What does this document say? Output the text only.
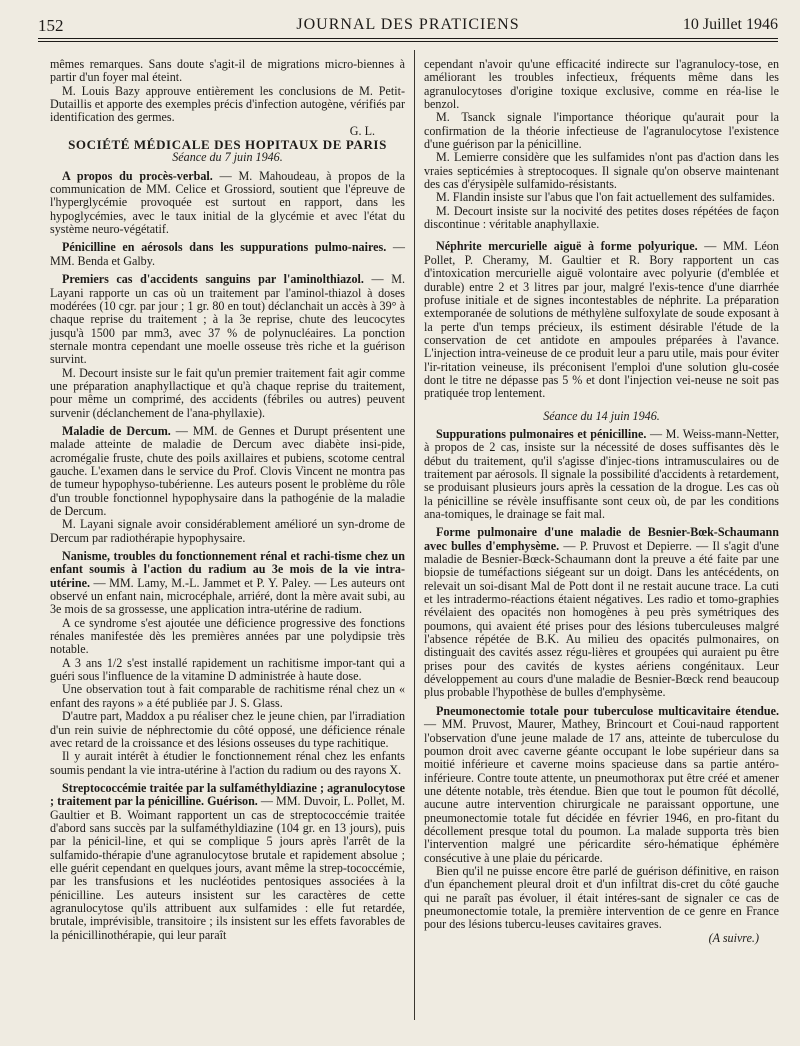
152	JOURNAL DES PRATICIENS	10 Juillet 1946

mêmes remarques. Sans doute s'agit-il de migrations micro-biennes à partir d'un foyer mal éteint.

M. Louis Bazy approuve entièrement les conclusions de M. Petit-Dutaillis et apporte des exemples précis d'infection autogène, vérifiés par identification des germes.

G. L.

SOCIÉTÉ MÉDICALE DES HOPITAUX DE PARIS

Séance du 7 juin 1946.

A propos du procès-verbal. — M. Mahoudeau, à propos de la communication de MM. Celice et Grossiord, soutient que l'épreuve de l'hyperglycémie provoquée est surtout en rapport, dans les hypoglycémies, avec le taux initial de la glycémie et avec l'état du système neuro-végétatif.

Pénicilline en aérosols dans les suppurations pulmo-naires. — MM. Benda et Galby.

Premiers cas d'accidents sanguins par l'aminolthiazol. — M. Layani rapporte un cas où un traitement par l'aminol-thiazol à doses modérées (10 cgr. par jour ; 1 gr. 80 en tout) déclanchait un accès à 39° à chaque reprise du traitement ; à la 3e reprise, chute des leucocytes jusqu'à 1500 par mm3, avec 37 % de polynucléaires. La ponction sternale montra cependant une moelle osseuse très riche et la guérison survint.

M. Decourt insiste sur le fait qu'un premier traitement fait agir comme une préparation anaphyllactique et qu'à chaque reprise du traitement, pour même un comprimé, des accidents (fébriles ou autres) peuvent survenir (déclanchement de l'ana-phyllaxie).

Maladie de Dercum. — MM. de Gennes et Durupt présentent une malade atteinte de maladie de Dercum avec diabète insi-pide, acromégalie fruste, chute des poils axillaires et pubiens, scotome central gauche. L'examen dans le service du Prof. Clovis Vincent ne montra pas de tumeur hypophyso-tubérienne. Les auteurs posent le problème du rôle d'un trouble fonctionnel hypophysaire dans la pathogénie de la maladie de Dercum.

M. Layani signale avoir considérablement amélioré un syn-drome de Dercum par radiothérapie hypophysaire.

Nanisme, troubles du fonctionnement rénal et rachi-tisme chez un enfant soumis à l'action du radium au 3e mois de la vie intra-utérine. — MM. Lamy, M.-L. Jammet et P. Y. Paley. — Les auteurs ont observé un enfant nain, microcéphale, arriéré, dont la mère avait subi, au 3e mois de sa grossesse, une application intra-utérine de radium.

A ce syndrome s'est ajoutée une déficience progressive des fonctions rénales manifestée dès les premières années par une polydipsie très notable.

A 3 ans 1/2 s'est installé rapidement un rachitisme impor-tant qui a guéri sous l'influence de la vitamine D administrée à haute dose.

Une observation tout à fait comparable de rachitisme rénal chez un « enfant des rayons » a été publiée par J. S. Glass.

D'autre part, Maddox a pu réaliser chez le jeune chien, par l'irradiation d'un rein suivie de néphrectomie du côté opposé, une déficience rénale avec retard de la croissance et des lésions osseuses du type rachitique.

Il y aurait intérêt à étudier le fonctionnement rénal chez les enfants soumis pendant la vie intra-utérine à l'action du radium ou des rayons X.

Streptococcémie traitée par la sulfaméthyldiazine ; agranulocytose ; traitement par la pénicilline. Guérison. — MM. Duvoir, L. Pollet, M. Gaultier et B. Woimant rapportent un cas de streptococcémie traitée d'abord sans succès par la sulfaméthyldiazine (104 gr. en 13 jours), puis par la pénicil-line, et qui se complique 5 jours après l'arrêt de la sulfamido-thérapie d'une agranulocytose brutale et rapidement absolue ; elle guérit cependant en quelques jours, avant même la strep-tococcémie, par les transfusions et les nucléotides pentosiques associées à la pénicilline. Les auteurs insistent sur les caractères de cette agranulocytose qu'ils attribuent aux sulfamides : elle fut retardée, brutale, imprévisible, transitoire ; ils insistent sur les effets favorables de la pénicillinothérapie, qui leur paraît

cependant n'avoir qu'une efficacité indirecte sur l'agranulocy-tose, en améliorant les troubles infectieux, fréquents même dans les agranulocytoses d'origine toxique exclusive, comme en réa-lise le benzol.

M. Tsanck signale l'importance théorique qu'aurait pour la confirmation de la théorie infectieuse de l'agranulocytose l'existence d'une guérison par la pénicilline.

M. Lemierre considère que les sulfamides n'ont pas d'action dans les vraies septicémies à streptocoques. Il signale qu'on observe maintenant des cas d'érysipèle sulfamido-résistants.

M. Flandin insiste sur l'abus que l'on fait actuellement des sulfamides.

M. Decourt insiste sur la nocivité des petites doses répétées de façon discontinue : véritable anaphyllaxie.

Néphrite mercurielle aiguë à forme polyurique. — MM. Léon Pollet, P. Cheramy, M. Gaultier et R. Bory rapportent un cas d'intoxication mercurielle aiguë volontaire avec polyurie (d'emblée et durable) entre 2 et 3 litres par jour, malgré l'exis-tence d'une diarrhée profuse initiale et de signes incontestables de néphrite. La préparation extemporanée de solutions de méthylène sulfoxylate de soude exposant à la perte d'un temps précieux, ils estiment désirable l'étude de la conservation de cet antidote en ampoules préparées à l'avance. L'injection intra-veineuse de ce produit leur a paru utile, mais pour éviter l'ir-ritation veineuse, ils préconisent l'emploi d'une solution glu-cosée dont le titre ne dépasse pas 5 % et dont l'injection vei-neuse ne soit pas pratiquée trop lentement.

Séance du 14 juin 1946.

Suppurations pulmonaires et pénicilline. — M. Weiss-mann-Netter, à propos de 2 cas, insiste sur la nécessité de doses suffisantes dès le début du traitement, qu'il s'agisse d'injec-tions intramusculaires ou de traitement par aérosols. Il signale la possibilité d'accidents à retardement, se produisant plusieurs jours après la cessation de la drogue. Les cas où la pénicilline se révèle insuffisante sont ceux où, de par les conditions ana-tomiques, le drainage se fait mal.

Forme pulmonaire d'une maladie de Besnier-Bœk-Schaumann avec bulles d'emphysème. — P. Pruvost et Depierre. — Il s'agit d'une maladie de Besnier-Bœck-Schaumann dont la preuve a été faite par une biopsie de tuméfactions siégeant sur un doigt. Dans les antécédents, on relevait un soi-disant Mal de Pott dont il ne restait aucune trace. La cuti et les intradermo-réactions étaient négatives. Les radio et tomo-graphies révélaient des opacités non homogènes à peu près symétriques des poumons, qui avaient été prises pour des lésions tuberculeuses malgré l'absence répétée de B.K. Au milieu des opacités pulmonaires, on distinguait des cavités assez régu-lières et groupées qui auraient pu être prises pour des cavités de kystes aériens congénitaux. Leur développement au cours d'une maladie de Besnier-Bœck rend beaucoup plus probable l'hypothèse de bulles d'emphysème.

Pneumonectomie totale pour tuberculose multicavitaire étendue. — MM. Pruvost, Maurer, Mathey, Brincourt et Coui-naud rapportent l'observation d'une jeune malade de 17 ans, atteinte de tuberculose du poumon droit avec caverne géante occupant le lobe supérieur dans sa moitié inférieure et caverne moins spacieuse dans sa partie antéro-inférieure. Contre toute attente, un pneumothorax put être créé et amener une détente notable, très étendue. Bien que tout le poumon fût décollé, aucune autre intervention chirurgicale ne paraissant opportune, une pneumonectomie totale fut décidée en février 1946, en pro-fitant du décollement presque total du poumon. La malade supporta très bien l'intervention malgré une péricardite séro-hématique éphémère consécutive à une plaie du péricarde.

Bien qu'il ne puisse encore être parlé de guérison définitive, en raison d'un épanchement pleural droit et d'un infiltrat dis-cret du côté gauche qui ne paraît pas évoluer, il était intéres-sant de signaler ce cas de pneumonectomie totale, la première intervention de ce genre en France pour des lésions tubercu-leuses cavitaires graves.

(A suivre.)
